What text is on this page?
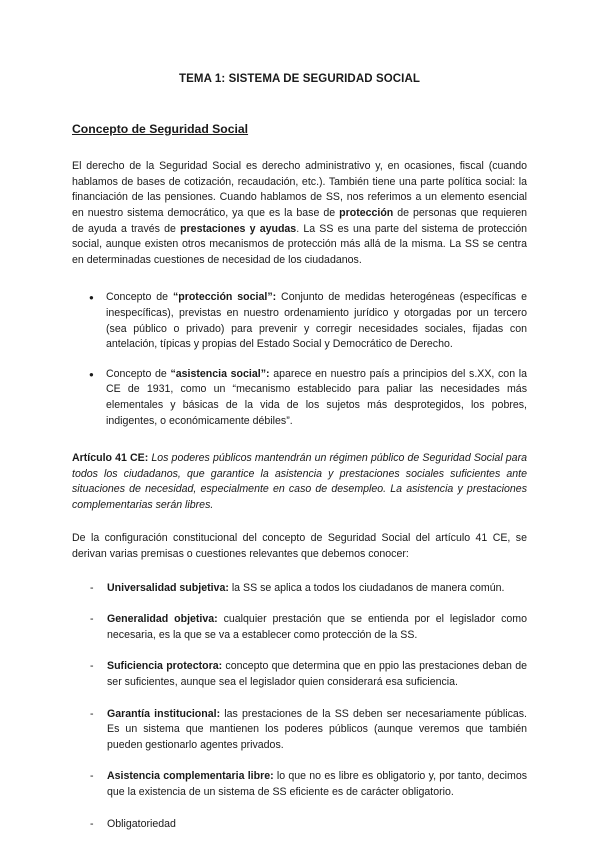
TEMA 1: SISTEMA DE SEGURIDAD SOCIAL
Concepto de Seguridad Social

El derecho de la Seguridad Social es derecho administrativo y, en ocasiones, fiscal (cuando hablamos de bases de cotización, recaudación, etc.). También tiene una parte política social: la financiación de las pensiones. Cuando hablamos de SS, nos referimos a un elemento esencial en nuestro sistema democrático, ya que es la base de protección de personas que requieren de ayuda a través de prestaciones y ayudas. La SS es una parte del sistema de protección social, aunque existen otros mecanismos de protección más allá de la misma. La SS se centra en determinadas cuestiones de necesidad de los ciudadanos.

● Concepto de “protección social”: Conjunto de medidas heterogéneas (específicas e inespecíficas), previstas en nuestro ordenamiento jurídico y otorgadas por un tercero (sea público o privado) para prevenir y corregir necesidades sociales, fijadas con antelación, típicas y propias del Estado Social y Democrático de Derecho.
● Concepto de “asistencia social”: aparece en nuestro país a principios del s.XX, con la CE de 1931, como un “mecanismo establecido para paliar las necesidades más elementales y básicas de la vida de los sujetos más desprotegidos, los pobres, indigentes, o económicamente débiles”.

Artículo 41 CE: Los poderes públicos mantendrán un régimen público de Seguridad Social para todos los ciudadanos, que garantice la asistencia y prestaciones sociales suficientes ante situaciones de necesidad, especialmente en caso de desempleo. La asistencia y prestaciones complementarias serán libres.

De la configuración constitucional del concepto de Seguridad Social del artículo 41 CE, se derivan varias premisas o cuestiones relevantes que debemos conocer:

- Universalidad subjetiva: la SS se aplica a todos los ciudadanos de manera común.
- Generalidad objetiva: cualquier prestación que se entienda por el legislador como necesaria, es la que se va a establecer como protección de la SS.
- Suficiencia protectora: concepto que determina que en ppio las prestaciones deban de ser suficientes, aunque sea el legislador quien considerará esa suficiencia.
- Garantía institucional: las prestaciones de la SS deben ser necesariamente públicas. Es un sistema que mantienen los poderes públicos (aunque veremos que también pueden gestionarlo agentes privados.
- Asistencia complementaria libre: lo que no es libre es obligatorio y, por tanto, decimos que la existencia de un sistema de SS eficiente es de carácter obligatorio.
- Obligatoriedad
